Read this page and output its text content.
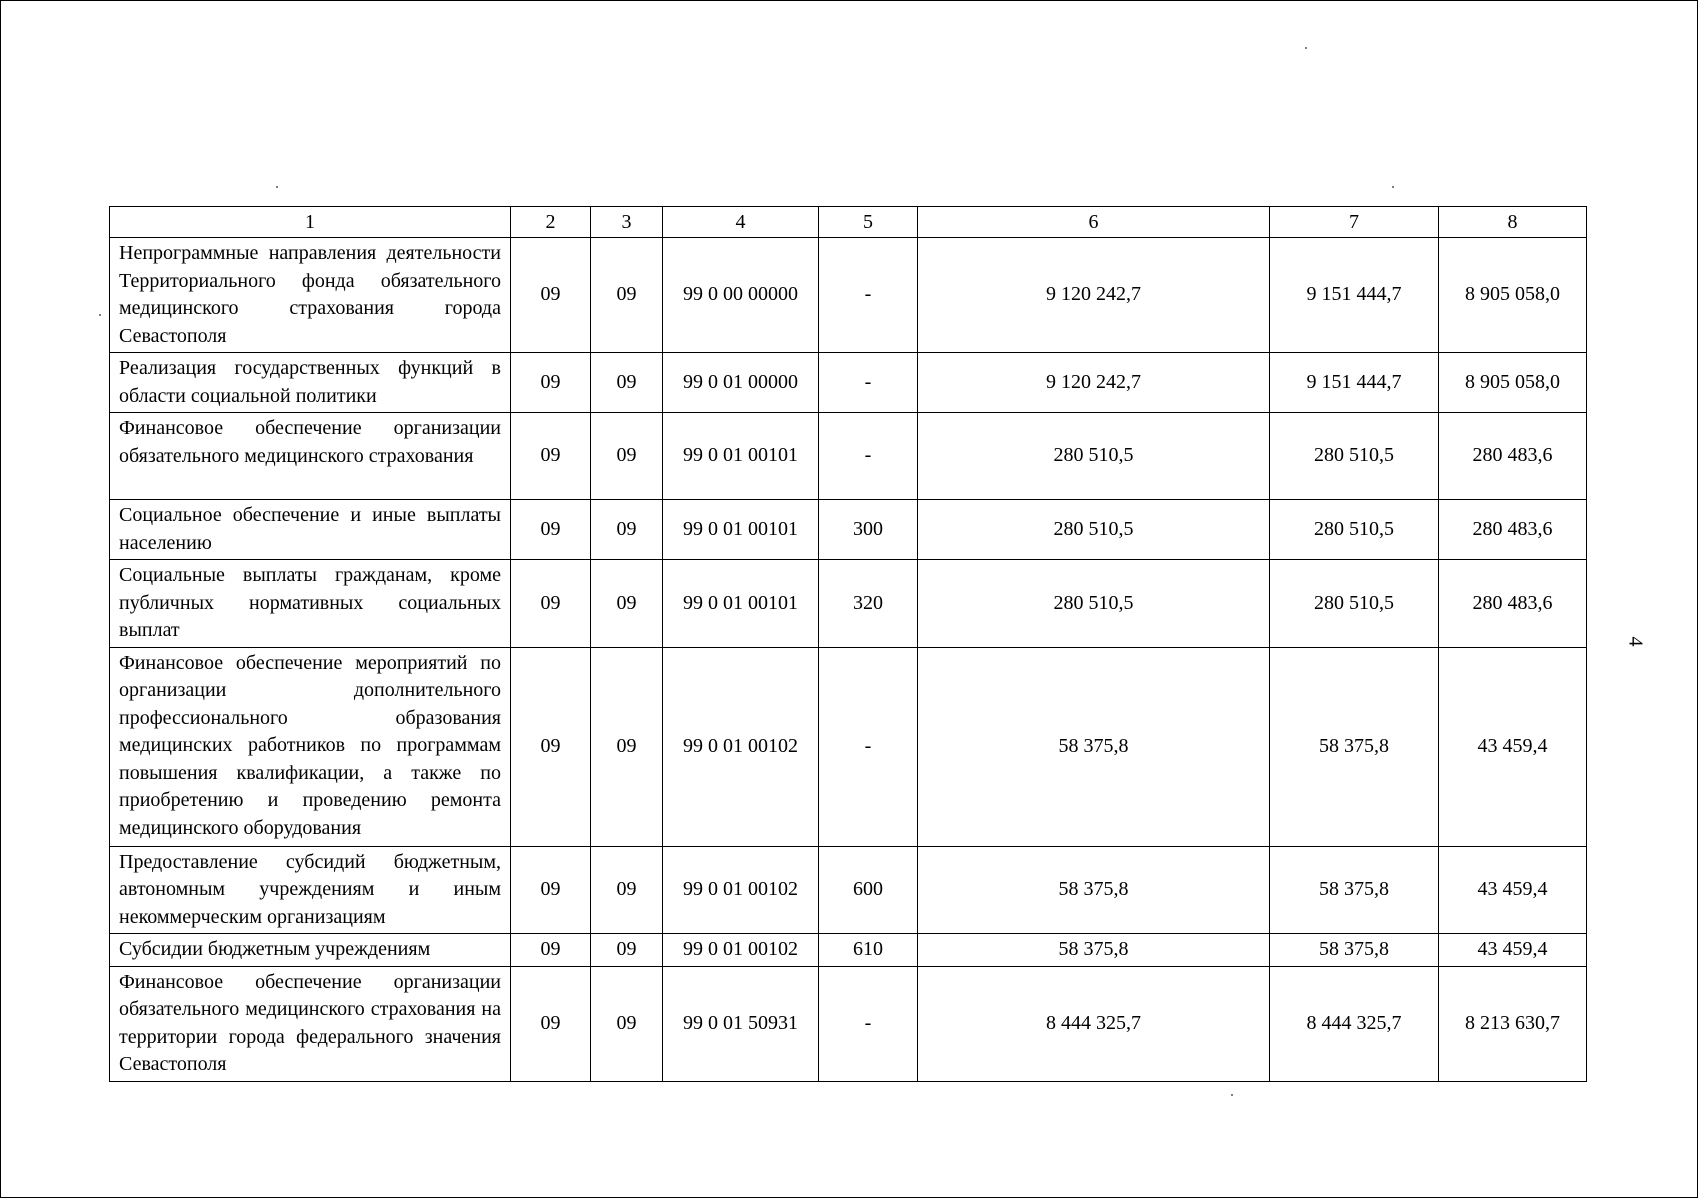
1	2	3	4	5	6	7	8
Непрограммные направления деятельности Территориального фонда обязательного медицинского страхования города Севастополя	09	09	99 0 00 00000	-	9 120 242,7	9 151 444,7	8 905 058,0
Реализация государственных функций в области социальной политики	09	09	99 0 01 00000	-	9 120 242,7	9 151 444,7	8 905 058,0
Финансовое обеспечение организации обязательного медицинского страхования	09	09	99 0 01 00101	-	280 510,5	280 510,5	280 483,6
Социальное обеспечение и иные выплаты населению	09	09	99 0 01 00101	300	280 510,5	280 510,5	280 483,6
Социальные выплаты гражданам, кроме публичных нормативных социальных выплат	09	09	99 0 01 00101	320	280 510,5	280 510,5	280 483,6
Финансовое обеспечение мероприятий по организации дополнительного профессионального образования медицинских работников по программам повышения квалификации, а также по приобретению и проведению ремонта медицинского оборудования	09	09	99 0 01 00102	-	58 375,8	58 375,8	43 459,4
Предоставление субсидий бюджетным, автономным учреждениям и иным некоммерческим организациям	09	09	99 0 01 00102	600	58 375,8	58 375,8	43 459,4
Субсидии бюджетным учреждениям	09	09	99 0 01 00102	610	58 375,8	58 375,8	43 459,4
Финансовое обеспечение организации обязательного медицинского страхования на территории города федерального значения Севастополя	09	09	99 0 01 50931	-	8 444 325,7	8 444 325,7	8 213 630,7
4
